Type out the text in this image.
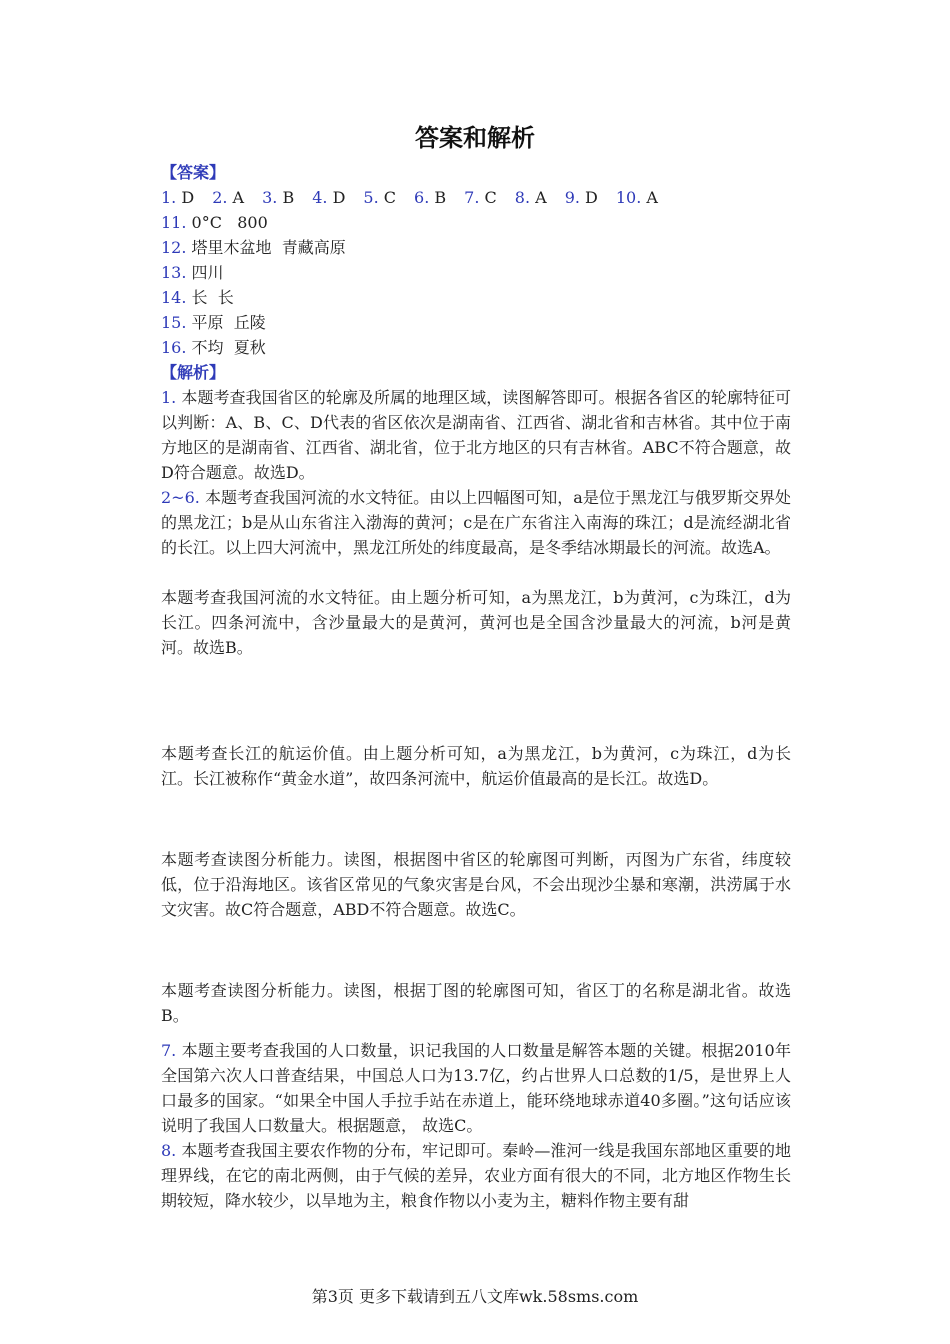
答案和解析
【答案】
1. D 2. A 3. B 4. D 5. C 6. B 7. C 8. A 9. D 10. A
11. 0°C   800
12. 塔里木盆地  青藏高原
13. 四川
14. 长  长
15. 平原  丘陵
16. 不均  夏秋
【解析】

1. 本题考查我国省区的轮廓及所属的地理区域，读图解答即可。根据各省区的轮廓特征可以判断：A、B、C、D代表的省区依次是湖南省、江西省、湖北省和吉林省。其中位于南方地区的是湖南省、江西省、湖北省，位于北方地区的只有吉林省。ABC不符合题意，故D符合题意。故选D。

2~6. 本题考查我国河流的水文特征。由以上四幅图可知，a是位于黑龙江与俄罗斯交界处的黑龙江；b是从山东省注入渤海的黄河；c是在广东省注入南海的珠江；d是流经湖北省的长江。以上四大河流中，黑龙江所处的纬度最高，是冬季结冰期最长的河流。故选A。

本题考查我国河流的水文特征。由上题分析可知，a为黑龙江，b为黄河，c为珠江，d为长江。四条河流中，含沙量最大的是黄河，黄河也是全国含沙量最大的河流，b河是黄河。故选B。

本题考查长江的航运价值。由上题分析可知，a为黑龙江，b为黄河，c为珠江，d为长江。长江被称作“黄金水道”，故四条河流中，航运价值最高的是长江。故选D。

本题考查读图分析能力。读图，根据图中省区的轮廓图可判断，丙图为广东省，纬度较低，位于沿海地区。该省区常见的气象灾害是台风，不会出现沙尘暴和寒潮，洪涝属于水文灾害。故C符合题意，ABD不符合题意。故选C。

本题考查读图分析能力。读图，根据丁图的轮廓图可知，省区丁的名称是湖北省。故选B。

7. 本题主要考查我国的人口数量，识记我国的人口数量是解答本题的关键。根据2010年全国第六次人口普查结果，中国总人口为13.7亿，约占世界人口总数的1/5，是世界上人口最多的国家。“如果全中国人手拉手站在赤道上，能环绕地球赤道40多圈。”这句话应该说明了我国人口数量大。根据题意， 故选C。

8. 本题考查我国主要农作物的分布，牢记即可。秦岭—淮河一线是我国东部地区重要的地理界线，在它的南北两侧，由于气候的差异，农业方面有很大的不同，北方地区作物生长期较短，降水较少，以旱地为主，粮食作物以小麦为主，糖料作物主要有甜

第3页 更多下载请到五八文库wk.58sms.com
